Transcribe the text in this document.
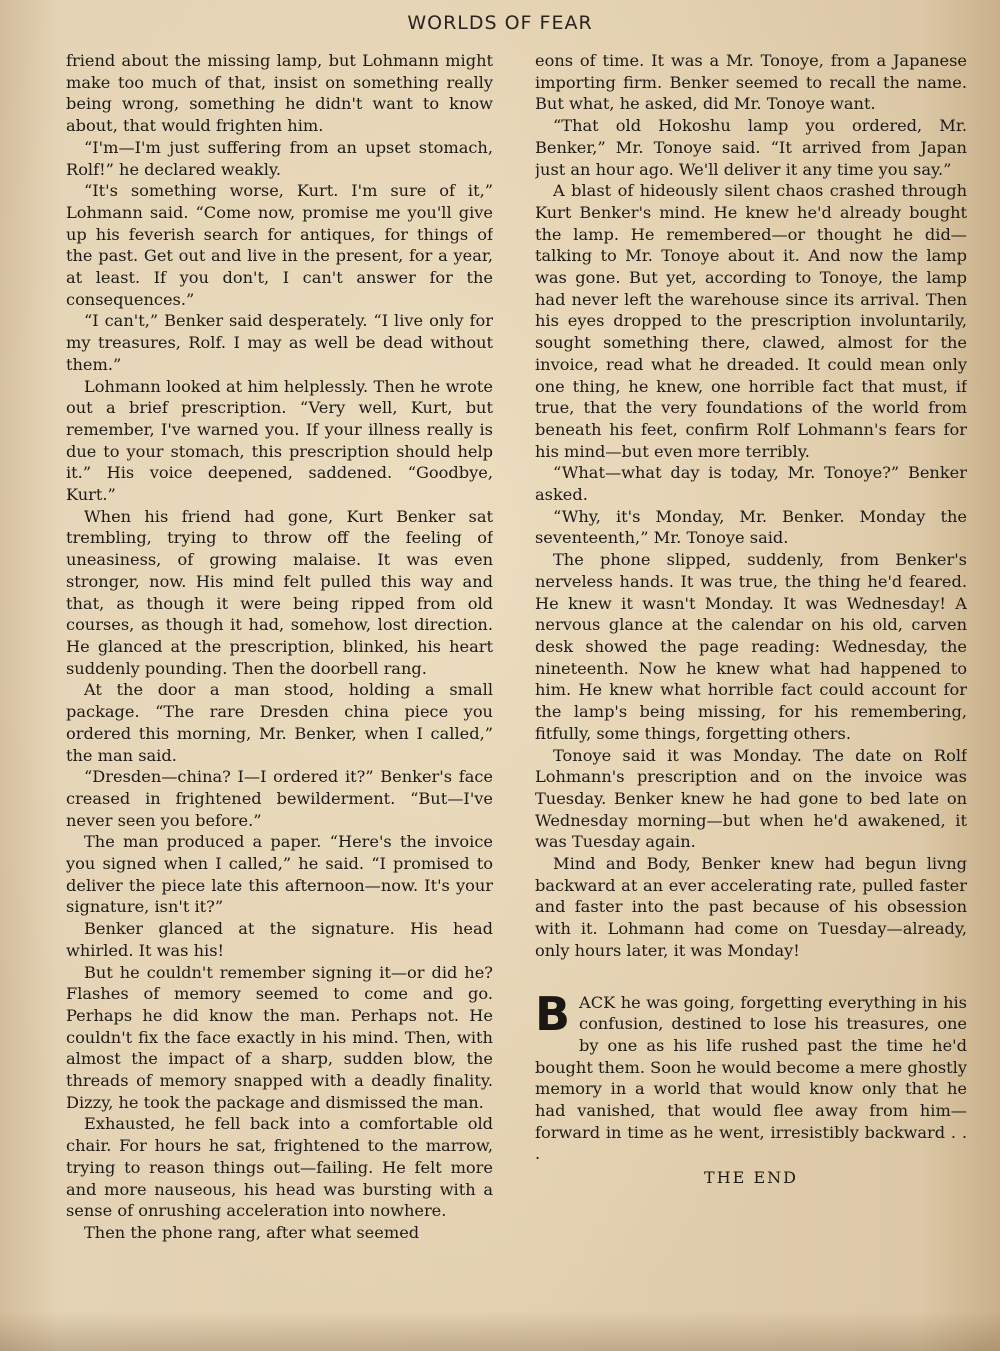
WORLDS OF FEAR

friend about the missing lamp, but Lohmann might make too much of that, insist on something really being wrong, something he didn't want to know about, that would frighten him.

“I'm—I'm just suffering from an upset stomach, Rolf!” he declared weakly.

“It's something worse, Kurt. I'm sure of it,” Lohmann said. “Come now, promise me you'll give up his feverish search for antiques, for things of the past. Get out and live in the present, for a year, at least. If you don't, I can't answer for the consequences.”

“I can't,” Benker said desperately. “I live only for my treasures, Rolf. I may as well be dead without them.”

Lohmann looked at him helplessly. Then he wrote out a brief prescription. “Very well, Kurt, but remember, I've warned you. If your illness really is due to your stomach, this prescription should help it.” His voice deepened, saddened. “Goodbye, Kurt.”

When his friend had gone, Kurt Benker sat trembling, trying to throw off the feeling of uneasiness, of growing malaise. It was even stronger, now. His mind felt pulled this way and that, as though it were being ripped from old courses, as though it had, somehow, lost direction. He glanced at the prescription, blinked, his heart suddenly pounding. Then the doorbell rang.

At the door a man stood, holding a small package. “The rare Dresden china piece you ordered this morning, Mr. Benker, when I called,” the man said.

“Dresden—china? I—I ordered it?” Benker's face creased in frightened bewilderment. “But—I've never seen you before.”

The man produced a paper. “Here's the invoice you signed when I called,” he said. “I promised to deliver the piece late this afternoon—now. It's your signature, isn't it?”

Benker glanced at the signature. His head whirled. It was his!

But he couldn't remember signing it—or did he? Flashes of memory seemed to come and go. Perhaps he did know the man. Perhaps not. He couldn't fix the face exactly in his mind. Then, with almost the impact of a sharp, sudden blow, the threads of memory snapped with a deadly finality. Dizzy, he took the package and dismissed the man.

Exhausted, he fell back into a comfortable old chair. For hours he sat, frightened to the marrow, trying to reason things out—failing. He felt more and more nauseous, his head was bursting with a sense of onrushing acceleration into nowhere.

Then the phone rang, after what seemed

eons of time. It was a Mr. Tonoye, from a Japanese importing firm. Benker seemed to recall the name. But what, he asked, did Mr. Tonoye want.

“That old Hokoshu lamp you ordered, Mr. Benker,” Mr. Tonoye said. “It arrived from Japan just an hour ago. We'll deliver it any time you say.”

A blast of hideously silent chaos crashed through Kurt Benker's mind. He knew he'd already bought the lamp. He remembered—or thought he did—talking to Mr. Tonoye about it. And now the lamp was gone. But yet, according to Tonoye, the lamp had never left the warehouse since its arrival. Then his eyes dropped to the prescription involuntarily, sought something there, clawed, almost for the invoice, read what he dreaded. It could mean only one thing, he knew, one horrible fact that must, if true, that the very foundations of the world from beneath his feet, confirm Rolf Lohmann's fears for his mind—but even more terribly.

“What—what day is today, Mr. Tonoye?” Benker asked.

“Why, it's Monday, Mr. Benker. Monday the seventeenth,” Mr. Tonoye said.

The phone slipped, suddenly, from Benker's nerveless hands. It was true, the thing he'd feared. He knew it wasn't Monday. It was Wednesday! A nervous glance at the calendar on his old, carven desk showed the page reading: Wednesday, the nineteenth. Now he knew what had happened to him. He knew what horrible fact could account for the lamp's being missing, for his remembering, fitfully, some things, forgetting others.

Tonoye said it was Monday. The date on Rolf Lohmann's prescription and on the invoice was Tuesday. Benker knew he had gone to bed late on Wednesday morning—but when he'd awakened, it was Tuesday again.

Mind and Body, Benker knew had begun livng backward at an ever accelerating rate, pulled faster and faster into the past because of his obsession with it. Lohmann had come on Tuesday—already, only hours later, it was Monday!

BACK he was going, forgetting everything in his confusion, destined to lose his treasures, one by one as his life rushed past the time he'd bought them. Soon he would become a mere ghostly memory in a world that would know only that he had vanished, that would flee away from him—forward in time as he went, irresistibly backward . . .

THE END
